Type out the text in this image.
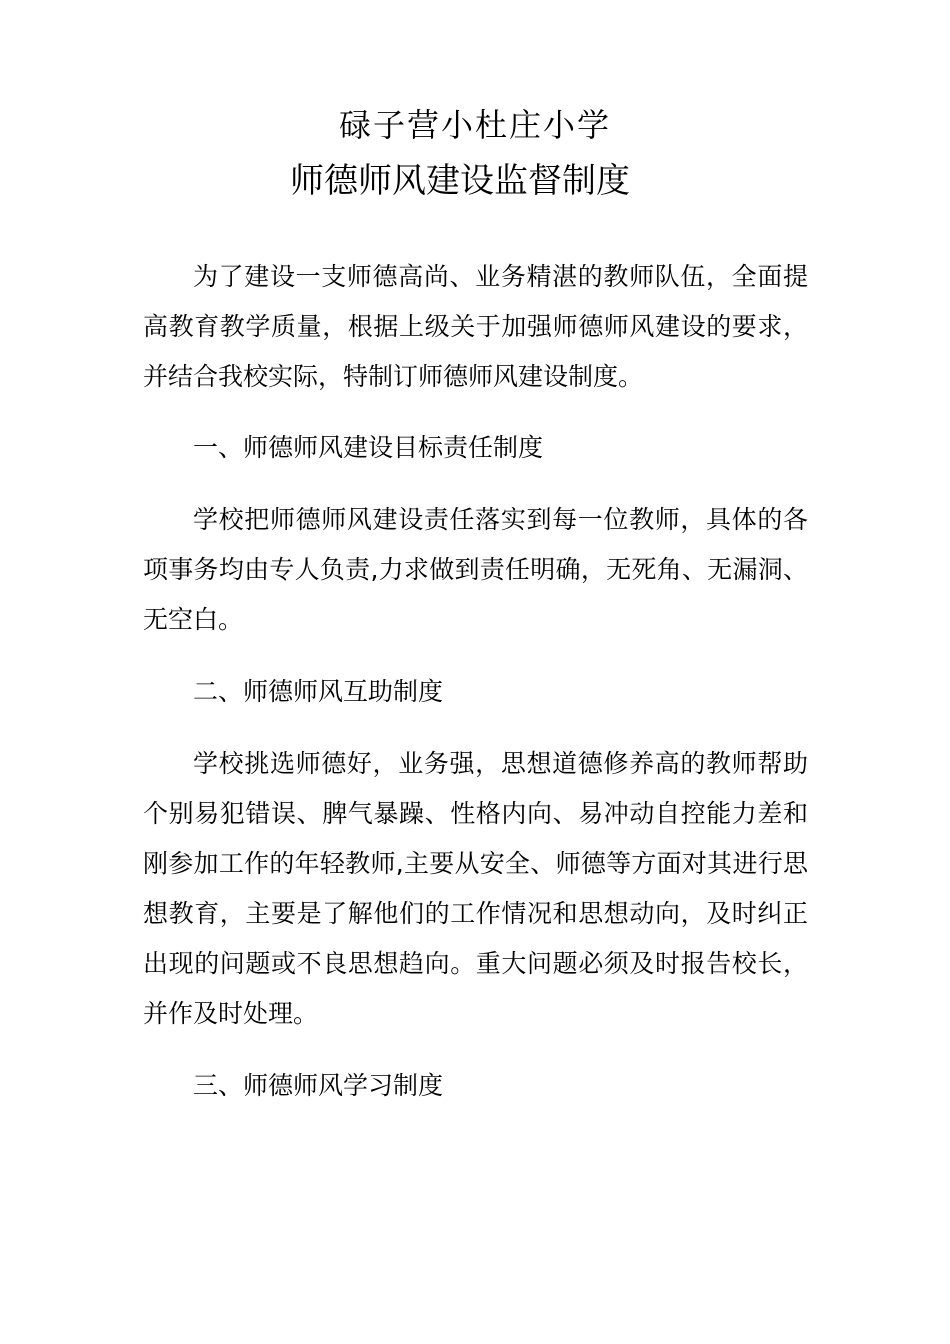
碌子营小杜庄小学
师德师风建设监督制度

为了建设一支师德高尚、业务精湛的教师队伍，全面提高教育教学质量，根据上级关于加强师德师风建设的要求，并结合我校实际，特制订师德师风建设制度。

一、师德师风建设目标责任制度

学校把师德师风建设责任落实到每一位教师，具体的各项事务均由专人负责,力求做到责任明确，无死角、无漏洞、无空白。

二、师德师风互助制度

学校挑选师德好，业务强，思想道德修养高的教师帮助个别易犯错误、脾气暴躁、性格内向、易冲动自控能力差和刚参加工作的年轻教师,主要从安全、师德等方面对其进行思想教育，主要是了解他们的工作情况和思想动向，及时纠正出现的问题或不良思想趋向。重大问题必须及时报告校长，并作及时处理。

三、师德师风学习制度
